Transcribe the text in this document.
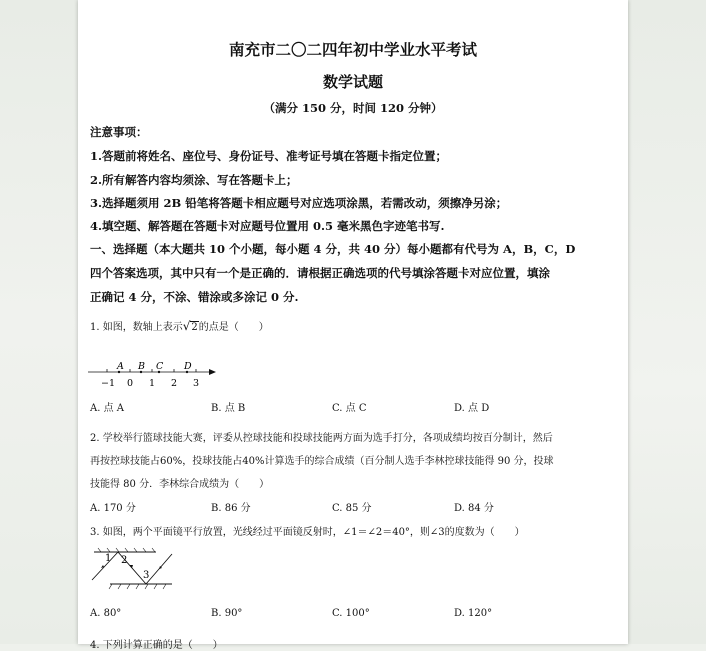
南充市二〇二四年初中学业水平考试
数学试题
（满分 150 分，时间 120 分钟）
注意事项：
1.答题前将姓名、座位号、身份证号、准考证号填在答题卡指定位置；
2.所有解答内容均须涂、写在答题卡上；
3.选择题须用 2B 铅笔将答题卡相应题号对应选项涂黑，若需改动，须擦净另涂；
4.填空题、解答题在答题卡对应题号位置用 0.5 毫米黑色字迹笔书写.
一、选择题（本大题共 10 个小题，每小题 4 分，共 40 分）每小题都有代号为 A，B，C，D
四个答案选项，其中只有一个是正确的．请根据正确选项的代号填涂答题卡对应位置，填涂
正确记 4 分，不涂、错涂或多涂记 0 分.
1. 如图，数轴上表示√2的点是（　　）
A B C D
−1 0 1 2 3
A. 点 A	B. 点 B	C. 点 C	D. 点 D
2. 学校举行篮球技能大赛，评委从控球技能和投球技能两方面为选手打分，各项成绩均按百分制计，然后
再按控球技能占60%，投球技能占40%计算选手的综合成绩（百分制人选手李林控球技能得 90 分，投球
技能得 80 分．李林综合成绩为（　　）
A. 170 分	B. 86 分	C. 85 分	D. 84 分
3. 如图，两个平面镜平行放置，光线经过平面镜反射时，∠1＝∠2＝40°，则∠3的度数为（　　）
1 2
3
A. 80°	B. 90°	C. 100°	D. 120°
4. 下列计算正确的是（　　）
